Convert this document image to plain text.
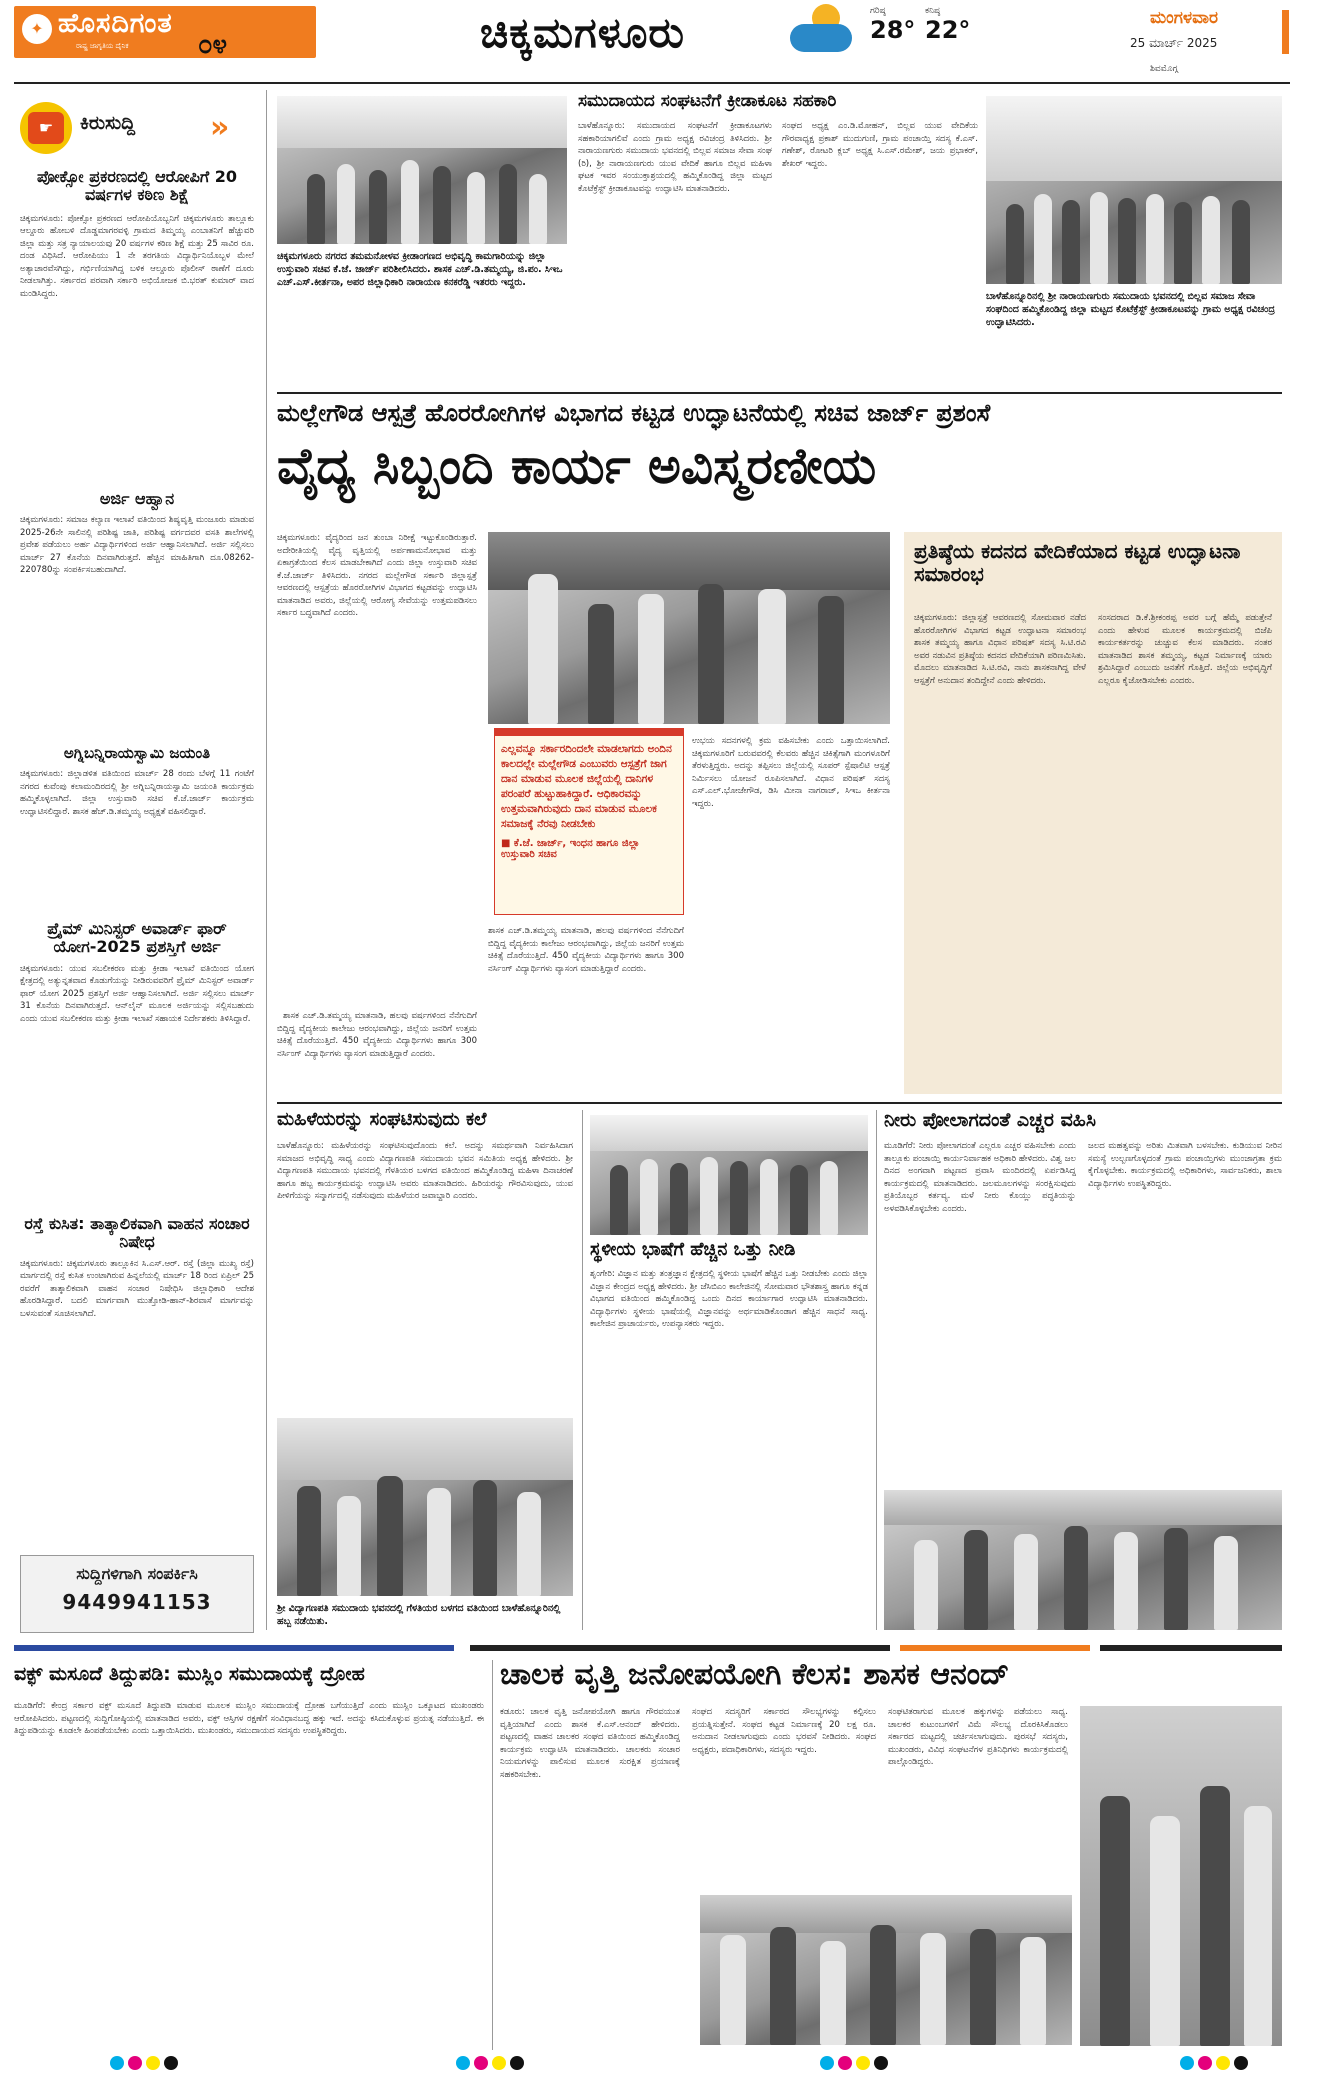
✦ ಹೊಸದಿಗಂತ
ರಾಷ್ಟ್ರ ಜಾಗೃತಿಯ ದೈನಿಕ	೦೪	ಚಿಕ್ಕಮಗಳೂರು	ಗರಿಷ್ಠ
28°
ಕನಿಷ್ಠ
22°	ಮಂಗಳವಾರ
25 ಮಾರ್ಚ್ 2025
ಶಿವಮೊಗ್ಗ
☛	ಕಿರುಸುದ್ದಿ »
ಪೋಕ್ಸೋ ಪ್ರಕರಣದಲ್ಲಿ ಆರೋಪಿಗೆ 20 ವರ್ಷಗಳ ಕಠಿಣ ಶಿಕ್ಷೆ
ಚಿಕ್ಕಮಗಳೂರು: ಪೋಕ್ಸೋ ಪ್ರಕರಣದ ಆರೋಪಿಯೊಬ್ಬನಿಗೆ ಚಿಕ್ಕಮಗಳೂರು ತಾಲ್ಲೂಕು ಆಲ್ದೂರು ಹೋಬಳಿ ದೊಡ್ಡಮಾಗರವಳ್ಳಿ ಗ್ರಾಮದ ತಿಮ್ಮಯ್ಯ ಎಂಬಾತನಿಗೆ ಹೆಚ್ಚುವರಿ ಜಿಲ್ಲಾ ಮತ್ತು ಸತ್ರ ನ್ಯಾಯಾಲಯವು 20 ವರ್ಷಗಳ ಕಠಿಣ ಶಿಕ್ಷೆ ಮತ್ತು 25 ಸಾವಿರ ರೂ. ದಂಡ ವಿಧಿಸಿದೆ. ಆರೋಪಿಯು 1 ನೇ ತರಗತಿಯ ವಿದ್ಯಾರ್ಥಿನಿಯೊಬ್ಬಳ ಮೇಲೆ ಅತ್ಯಾಚಾರವೆಸಗಿದ್ದು, ಗರ್ಭಿಣಿಯಾಗಿದ್ದ ಬಳಿಕ ಆಲ್ದೂರು ಪೊಲೀಸ್ ಠಾಣೆಗೆ ದೂರು ನೀಡಲಾಗಿತ್ತು. ಸರ್ಕಾರದ ಪರವಾಗಿ ಸರ್ಕಾರಿ ಅಭಿಯೋಜಕ ಬಿ.ಭರತ್ ಕುಮಾರ್ ವಾದ ಮಂಡಿಸಿದ್ದರು.
ಅರ್ಜಿ ಆಹ್ವಾನ
ಚಿಕ್ಕಮಗಳೂರು: ಸಮಾಜ ಕಲ್ಯಾಣ ಇಲಾಖೆ ವತಿಯಿಂದ ಶಿಷ್ಯವೃತ್ತಿ ಮಂಜೂರು ಮಾಡುವ 2025-26ನೇ ಸಾಲಿನಲ್ಲಿ ಪರಿಶಿಷ್ಟ ಜಾತಿ, ಪರಿಶಿಷ್ಟ ವರ್ಗದವರ ವಸತಿ ಶಾಲೆಗಳಲ್ಲಿ ಪ್ರವೇಶ ಪಡೆಯಲು ಅರ್ಹ ವಿದ್ಯಾರ್ಥಿಗಳಿಂದ ಅರ್ಜಿ ಆಹ್ವಾನಿಸಲಾಗಿದೆ. ಅರ್ಜಿ ಸಲ್ಲಿಸಲು ಮಾರ್ಚ್ 27 ಕೊನೆಯ ದಿನವಾಗಿರುತ್ತದೆ. ಹೆಚ್ಚಿನ ಮಾಹಿತಿಗಾಗಿ ದೂ.08262-220780ನ್ನು ಸಂಪರ್ಕಿಸಬಹುದಾಗಿದೆ.
ಅಗ್ನಿಬನ್ನಿರಾಯಸ್ವಾಮಿ ಜಯಂತಿ
ಚಿಕ್ಕಮಗಳೂರು: ಜಿಲ್ಲಾಡಳಿತ ವತಿಯಿಂದ ಮಾರ್ಚ್ 28 ರಂದು ಬೆಳಗ್ಗೆ 11 ಗಂಟೆಗೆ ನಗರದ ಕುವೆಂಪು ಕಲಾಮಂದಿರದಲ್ಲಿ ಶ್ರೀ ಅಗ್ನಿಬನ್ನಿರಾಯಸ್ವಾಮಿ ಜಯಂತಿ ಕಾರ್ಯಕ್ರಮ ಹಮ್ಮಿಕೊಳ್ಳಲಾಗಿದೆ. ಜಿಲ್ಲಾ ಉಸ್ತುವಾರಿ ಸಚಿವ ಕೆ.ಜೆ.ಜಾರ್ಜ್ ಕಾರ್ಯಕ್ರಮ ಉದ್ಘಾಟಿಸಲಿದ್ದಾರೆ. ಶಾಸಕ ಹೆಚ್.ಡಿ.ತಮ್ಮಯ್ಯ ಅಧ್ಯಕ್ಷತೆ ವಹಿಸಲಿದ್ದಾರೆ.
ಪ್ರೈಮ್ ಮಿನಿಸ್ಟರ್ ಅವಾರ್ಡ್ ಫಾರ್ ಯೋಗ-2025 ಪ್ರಶಸ್ತಿಗೆ ಅರ್ಜಿ
ಚಿಕ್ಕಮಗಳೂರು: ಯುವ ಸಬಲೀಕರಣ ಮತ್ತು ಕ್ರೀಡಾ ಇಲಾಖೆ ವತಿಯಿಂದ ಯೋಗ ಕ್ಷೇತ್ರದಲ್ಲಿ ಅತ್ಯುನ್ನತವಾದ ಕೊಡುಗೆಯನ್ನು ನೀಡಿರುವವರಿಗೆ ಪ್ರೈಮ್ ಮಿನಿಸ್ಟರ್ ಅವಾರ್ಡ್ ಫಾರ್ ಯೋಗ 2025 ಪ್ರಶಸ್ತಿಗೆ ಅರ್ಜಿ ಆಹ್ವಾನಿಸಲಾಗಿದೆ. ಅರ್ಜಿ ಸಲ್ಲಿಸಲು ಮಾರ್ಚ್ 31 ಕೊನೆಯ ದಿನವಾಗಿರುತ್ತದೆ. ಆನ್‌ಲೈನ್ ಮೂಲಕ ಅರ್ಜಿಯನ್ನು ಸಲ್ಲಿಸಬಹುದು ಎಂದು ಯುವ ಸಬಲೀಕರಣ ಮತ್ತು ಕ್ರೀಡಾ ಇಲಾಖೆ ಸಹಾಯಕ ನಿರ್ದೇಶಕರು ತಿಳಿಸಿದ್ದಾರೆ.
ರಸ್ತೆ ಕುಸಿತ: ತಾತ್ಕಾಲಿಕವಾಗಿ ವಾಹನ ಸಂಚಾರ ನಿಷೇಧ
ಚಿಕ್ಕಮಗಳೂರು: ಚಿಕ್ಕಮಗಳೂರು ತಾಲ್ಲೂಕಿನ ಸಿ.ಎಸ್.ಆರ್. ರಸ್ತೆ (ಜಿಲ್ಲಾ ಮುಖ್ಯ ರಸ್ತೆ) ಮಾರ್ಗದಲ್ಲಿ ರಸ್ತೆ ಕುಸಿತ ಉಂಟಾಗಿರುವ ಹಿನ್ನಲೆಯಲ್ಲಿ ಮಾರ್ಚ್ 18 ರಿಂದ ಏಪ್ರಿಲ್ 25 ರವರೆಗೆ ತಾತ್ಕಾಲಿಕವಾಗಿ ವಾಹನ ಸಂಚಾರ ನಿಷೇಧಿಸಿ ಜಿಲ್ಲಾಧಿಕಾರಿ ಆದೇಶ ಹೊರಡಿಸಿದ್ದಾರೆ. ಬದಲಿ ಮಾರ್ಗವಾಗಿ ಮುತ್ತೋಡಿ-ಹಾನ್-ಶಿರವಾಸೆ ಮಾರ್ಗವನ್ನು ಬಳಸುವಂತೆ ಸೂಚಿಸಲಾಗಿದೆ.
ಸುದ್ದಿಗಳಿಗಾಗಿ ಸಂಪರ್ಕಿಸಿ
9449941153
ಚಿಕ್ಕಮಗಳೂರು ನಗರದ ತಮಮನೋಳವ ಕ್ರೀಡಾಂಗಣದ ಅಭಿವೃದ್ಧಿ ಕಾಮಗಾರಿಯನ್ನು ಜಿಲ್ಲಾ ಉಸ್ತುವಾರಿ ಸಚಿವ ಕೆ.ಜೆ. ಜಾರ್ಜ್ ಪರಿಶೀಲಿಸಿದರು. ಶಾಸಕ ಎಚ್.ಡಿ.ತಮ್ಮಯ್ಯ, ಜಿ.ಪಂ. ಸಿಇಒ ಎಚ್.ಎಸ್.ಕೀರ್ತನಾ, ಅಪರ ಜಿಲ್ಲಾಧಿಕಾರಿ ನಾರಾಯಣ ಕನಕರೆಡ್ಡಿ ಇತರರು ಇದ್ದರು.
ಸಮುದಾಯದ ಸಂಘಟನೆಗೆ ಕ್ರೀಡಾಕೂಟ ಸಹಕಾರಿ
ಬಾಳೆಹೊನ್ನೂರು: ಸಮುದಾಯದ ಸಂಘಟನೆಗೆ ಕ್ರೀಡಾಕೂಟಗಳು ಸಹಕಾರಿಯಾಗಲಿವೆ ಎಂದು ಗ್ರಾಮ ಅಧ್ಯಕ್ಷ ರವಿಚಂದ್ರ ತಿಳಿಸಿದರು. ಶ್ರೀ ನಾರಾಯಣಗುರು ಸಮುದಾಯ ಭವನದಲ್ಲಿ ಬಿಲ್ಲವ ಸಮಾಜ ಸೇವಾ ಸಂಘ (ರಿ), ಶ್ರೀ ನಾರಾಯಣಗುರು ಯುವ ವೇದಿಕೆ ಹಾಗೂ ಬಿಲ್ಲವ ಮಹಿಳಾ ಘಟಕ ಇವರ ಸಂಯುಕ್ತಾಶ್ರಯದಲ್ಲಿ ಹಮ್ಮಿಕೊಂಡಿದ್ದ ಜಿಲ್ಲಾ ಮಟ್ಟದ ಕೊಟೆಕ್ರೆಸ್ಟ್ ಕ್ರೀಡಾಕೂಟವನ್ನು ಉದ್ಘಾಟಿಸಿ ಮಾತನಾಡಿದರು.
ಸಂಘದ ಅಧ್ಯಕ್ಷ ಎಂ.ಡಿ.ಮೋಹನ್, ಬಿಲ್ಲವ ಯುವ ವೇದಿಕೆಯ ಗೌರವಾಧ್ಯಕ್ಷ ಪ್ರಕಾಶ್ ಮುದುಗುಣಿ, ಗ್ರಾಮ ಪಂಚಾಯ್ತಿ ಸದಸ್ಯ ಕೆ.ಎಸ್. ಗಣೇಶ್, ರೋಟರಿ ಕ್ಲಬ್ ಅಧ್ಯಕ್ಷ ಸಿ.ಎಸ್.ರಮೇಶ್, ಜಯ ಪ್ರಭಾಕರ್, ಶೇಖರ್ ಇದ್ದರು.
ಬಾಳೆಹೊನ್ನೂರಿನಲ್ಲಿ ಶ್ರೀ ನಾರಾಯಣಗುರು ಸಮುದಾಯ ಭವನದಲ್ಲಿ ಬಿಲ್ಲವ ಸಮಾಜ ಸೇವಾ ಸಂಘದಿಂದ ಹಮ್ಮಿಕೊಂಡಿದ್ದ ಜಿಲ್ಲಾ ಮಟ್ಟದ ಕೊಟೆಕ್ರೆಸ್ಟ್ ಕ್ರೀಡಾಕೂಟವನ್ನು ಗ್ರಾಮ ಅಧ್ಯಕ್ಷ ರವಿಚಂದ್ರ ಉದ್ಘಾಟಿಸಿದರು.
ಮಲ್ಲೇಗೌಡ ಆಸ್ಪತ್ರೆ ಹೊರರೋಗಿಗಳ ವಿಭಾಗದ ಕಟ್ಟಡ ಉದ್ಘಾಟನೆಯಲ್ಲಿ ಸಚಿವ ಜಾರ್ಜ್ ಪ್ರಶಂಸೆ
ವೈದ್ಯ ಸಿಬ್ಬಂದಿ ಕಾರ್ಯ ಅವಿಸ್ಮರಣೀಯ
ಚಿಕ್ಕಮಗಳೂರು: ವೈದ್ಯರಿಂದ ಜನ ತುಂಬಾ ನಿರೀಕ್ಷೆ ಇಟ್ಟುಕೊಂಡಿರುತ್ತಾರೆ. ಅದೇರೀತಿಯಲ್ಲಿ ವೈದ್ಯ ವೃತ್ತಿಯಲ್ಲಿ ಅರ್ಪಣಾಮನೋಭಾವ ಮತ್ತು ಏಕಾಗ್ರತೆಯಿಂದ ಕೆಲಸ ಮಾಡಬೇಕಾಗಿದೆ ಎಂದು ಜಿಲ್ಲಾ ಉಸ್ತುವಾರಿ ಸಚಿವ ಕೆ.ಜೆ.ಜಾರ್ಜ್ ತಿಳಿಸಿದರು. ನಗರದ ಮಲ್ಲೇಗೌಡ ಸರ್ಕಾರಿ ಜಿಲ್ಲಾಸ್ಪತ್ರೆ ಆವರಣದಲ್ಲಿ ಆಸ್ಪತ್ರೆಯ ಹೊರರೋಗಿಗಳ ವಿಭಾಗದ ಕಟ್ಟಡವನ್ನು ಉದ್ಘಾಟಿಸಿ ಮಾತನಾಡಿದ ಅವರು, ಜಿಲ್ಲೆಯಲ್ಲಿ ಆರೋಗ್ಯ ಸೇವೆಯನ್ನು ಉತ್ತಮಪಡಿಸಲು ಸರ್ಕಾರ ಬದ್ಧವಾಗಿದೆ ಎಂದರು.
ಎಲ್ಲವನ್ನೂ ಸರ್ಕಾರದಿಂದಲೇ ಮಾಡಲಾಗದು ಅಂದಿನ ಕಾಲದಲ್ಲೇ ಮಲ್ಲೇಗೌಡ ಎಂಬುವರು ಆಸ್ಪತ್ರೆಗೆ ಜಾಗ ದಾನ ಮಾಡುವ ಮೂಲಕ ಜಿಲ್ಲೆಯಲ್ಲಿ ದಾನಿಗಳ ಪರಂಪರೆ ಹುಟ್ಟುಹಾಕಿದ್ದಾರೆ. ಆಧಿಕಾರವನ್ನು ಉತ್ತಮವಾಗಿರುವುದು ದಾನ ಮಾಡುವ ಮೂಲಕ ಸಮಾಜಕ್ಕೆ ನೆರವು ನೀಡಬೇಕು
■ ಕೆ.ಜೆ. ಜಾರ್ಜ್, ಇಂಧನ ಹಾಗೂ ಜಿಲ್ಲಾ ಉಸ್ತುವಾರಿ ಸಚಿವ

ಶಾಸಕ ಎಚ್.ಡಿ.ತಮ್ಮಯ್ಯ ಮಾತನಾಡಿ, ಹಲವು ವರ್ಷಗಳಿಂದ ನೆನೆಗುದಿಗೆ ಬಿದ್ದಿದ್ದ ವೈದ್ಯಕೀಯ ಕಾಲೇಜು ಆರಂಭವಾಗಿದ್ದು, ಜಿಲ್ಲೆಯ ಜನರಿಗೆ ಉತ್ತಮ ಚಿಕಿತ್ಸೆ ದೊರೆಯುತ್ತಿದೆ. 450 ವೈದ್ಯಕೀಯ ವಿದ್ಯಾರ್ಥಿಗಳು ಹಾಗೂ 300 ನರ್ಸಿಂಗ್ ವಿದ್ಯಾರ್ಥಿಗಳು ವ್ಯಾಸಂಗ ಮಾಡುತ್ತಿದ್ದಾರೆ ಎಂದರು.

ಉಭಯ ಸದನಗಳಲ್ಲಿ ಕ್ರಮ ವಹಿಸಬೇಕು ಎಂದು ಒತ್ತಾಯಿಸಲಾಗಿದೆ. ಚಿಕ್ಕಮಗಳೂರಿಗೆ ಬರುವವರಲ್ಲಿ ಕೆಲವರು ಹೆಚ್ಚಿನ ಚಿಕಿತ್ಸೆಗಾಗಿ ಮಂಗಳೂರಿಗೆ ತೆರಳುತ್ತಿದ್ದರು. ಅದನ್ನು ತಪ್ಪಿಸಲು ಜಿಲ್ಲೆಯಲ್ಲಿ ಸೂಪರ್ ಸ್ಪೆಷಾಲಿಟಿ ಆಸ್ಪತ್ರೆ ನಿರ್ಮಿಸಲು ಯೋಜನೆ ರೂಪಿಸಲಾಗಿದೆ. ವಿಧಾನ ಪರಿಷತ್ ಸದಸ್ಯ ಎಸ್.ಎಲ್.ಭೋಜೇಗೌಡ, ಡಿಸಿ ಮೀನಾ ನಾಗರಾಜ್, ಸಿಇಒ ಕೀರ್ತನಾ ಇದ್ದರು.
ಶಾಸಕ ಎಚ್.ಡಿ.ತಮ್ಮಯ್ಯ ಮಾತನಾಡಿ, ಹಲವು ವರ್ಷಗಳಿಂದ ನೆನೆಗುದಿಗೆ ಬಿದ್ದಿದ್ದ ವೈದ್ಯಕೀಯ ಕಾಲೇಜು ಆರಂಭವಾಗಿದ್ದು, ಜಿಲ್ಲೆಯ ಜನರಿಗೆ ಉತ್ತಮ ಚಿಕಿತ್ಸೆ ದೊರೆಯುತ್ತಿದೆ. 450 ವೈದ್ಯಕೀಯ ವಿದ್ಯಾರ್ಥಿಗಳು ಹಾಗೂ 300 ನರ್ಸಿಂಗ್ ವಿದ್ಯಾರ್ಥಿಗಳು ವ್ಯಾಸಂಗ ಮಾಡುತ್ತಿದ್ದಾರೆ ಎಂದರು.
ಪ್ರತಿಷ್ಠೆಯ ಕದನದ ವೇದಿಕೆಯಾದ ಕಟ್ಟಡ ಉದ್ಘಾಟನಾ ಸಮಾರಂಭ
ಚಿಕ್ಕಮಗಳೂರು: ಜಿಲ್ಲಾಸ್ಪತ್ರೆ ಆವರಣದಲ್ಲಿ ಸೋಮವಾರ ನಡೆದ ಹೊರರೋಗಿಗಳ ವಿಭಾಗದ ಕಟ್ಟಡ ಉದ್ಘಾಟನಾ ಸಮಾರಂಭ ಶಾಸಕ ತಮ್ಮಯ್ಯ ಹಾಗೂ ವಿಧಾನ ಪರಿಷತ್ ಸದಸ್ಯ ಸಿ.ಟಿ.ರವಿ ಅವರ ನಡುವಿನ ಪ್ರತಿಷ್ಠೆಯ ಕದನದ ವೇದಿಕೆಯಾಗಿ ಪರಿಣಮಿಸಿತು. ಮೊದಲು ಮಾತನಾಡಿದ ಸಿ.ಟಿ.ರವಿ, ನಾನು ಶಾಸಕನಾಗಿದ್ದ ವೇಳೆ ಆಸ್ಪತ್ರೆಗೆ ಅನುದಾನ ತಂದಿದ್ದೇನೆ ಎಂದು ಹೇಳಿದರು.
ಸಂಸದರಾದ ಡಿ.ಕೆ.ಶ್ರೀಕಂಠಪ್ಪ ಅವರ ಬಗ್ಗೆ ಹೆಮ್ಮೆ ಪಡುತ್ತೇನೆ ಎಂದು ಹೇಳುವ ಮೂಲಕ ಕಾರ್ಯಕ್ರಮದಲ್ಲಿ ಬಿಜೆಪಿ ಕಾರ್ಯಕರ್ತರನ್ನು ಚುಚ್ಚುವ ಕೆಲಸ ಮಾಡಿದರು. ನಂತರ ಮಾತನಾಡಿದ ಶಾಸಕ ತಮ್ಮಯ್ಯ, ಕಟ್ಟಡ ನಿರ್ಮಾಣಕ್ಕೆ ಯಾರು ಶ್ರಮಿಸಿದ್ದಾರೆ ಎಂಬುದು ಜನತೆಗೆ ಗೊತ್ತಿದೆ. ಜಿಲ್ಲೆಯ ಅಭಿವೃದ್ಧಿಗೆ ಎಲ್ಲರೂ ಕೈಜೋಡಿಸಬೇಕು ಎಂದರು.
ಮಹಿಳೆಯರನ್ನು ಸಂಘಟಿಸುವುದು ಕಲೆ
ಬಾಳೆಹೊನ್ನೂರು: ಮಹಿಳೆಯರನ್ನು ಸಂಘಟಿಸುವುದೊಂದು ಕಲೆ. ಅದನ್ನು ಸಮರ್ಥವಾಗಿ ನಿರ್ವಹಿಸಿದಾಗ ಸಮಾಜದ ಅಭಿವೃದ್ಧಿ ಸಾಧ್ಯ ಎಂದು ವಿದ್ಯಾಗಣಪತಿ ಸಮುದಾಯ ಭವನ ಸಮಿತಿಯ ಅಧ್ಯಕ್ಷ ಹೇಳಿದರು. ಶ್ರೀ ವಿದ್ಯಾಗಣಪತಿ ಸಮುದಾಯ ಭವನದಲ್ಲಿ ಗೆಳತಿಯರ ಬಳಗದ ವತಿಯಿಂದ ಹಮ್ಮಿಕೊಂಡಿದ್ದ ಮಹಿಳಾ ದಿನಾಚರಣೆ ಹಾಗೂ ಹಬ್ಬ ಕಾರ್ಯಕ್ರಮವನ್ನು ಉದ್ಘಾಟಿಸಿ ಅವರು ಮಾತನಾಡಿದರು. ಹಿರಿಯರನ್ನು ಗೌರವಿಸುವುದು, ಯುವ ಪೀಳಿಗೆಯನ್ನು ಸನ್ಮಾರ್ಗದಲ್ಲಿ ನಡೆಸುವುದು ಮಹಿಳೆಯರ ಜವಾಬ್ದಾರಿ ಎಂದರು.
ಶ್ರೀ ವಿದ್ಯಾಗಣಪತಿ ಸಮುದಾಯ ಭವನದಲ್ಲಿ ಗೆಳತಿಯರ ಬಳಗದ ವತಿಯಿಂದ ಬಾಳೆಹೊನ್ನೂರಿನಲ್ಲಿ ಹಬ್ಬ ನಡೆಯಿತು.
ಸ್ಥಳೀಯ ಭಾಷೆಗೆ ಹೆಚ್ಚಿನ ಒತ್ತು ನೀಡಿ
ಶೃಂಗೇರಿ: ವಿಜ್ಞಾನ ಮತ್ತು ತಂತ್ರಜ್ಞಾನ ಕ್ಷೇತ್ರದಲ್ಲಿ ಸ್ಥಳೀಯ ಭಾಷೆಗೆ ಹೆಚ್ಚಿನ ಒತ್ತು ನೀಡಬೇಕು ಎಂದು ಜಿಲ್ಲಾ ವಿಜ್ಞಾನ ಕೇಂದ್ರದ ಅಧ್ಯಕ್ಷ ಹೇಳಿದರು. ಶ್ರೀ ಜೆಸಿಬಿಎಂ ಕಾಲೇಜಿನಲ್ಲಿ ಸೋಮವಾರ ಭೌತಶಾಸ್ತ್ರ ಹಾಗೂ ಕನ್ನಡ ವಿಭಾಗದ ವತಿಯಿಂದ ಹಮ್ಮಿಕೊಂಡಿದ್ದ ಒಂದು ದಿನದ ಕಾರ್ಯಾಗಾರ ಉದ್ಘಾಟಿಸಿ ಮಾತನಾಡಿದರು. ವಿದ್ಯಾರ್ಥಿಗಳು ಸ್ಥಳೀಯ ಭಾಷೆಯಲ್ಲಿ ವಿಜ್ಞಾನವನ್ನು ಅರ್ಥಮಾಡಿಕೊಂಡಾಗ ಹೆಚ್ಚಿನ ಸಾಧನೆ ಸಾಧ್ಯ. ಕಾಲೇಜಿನ ಪ್ರಾಚಾರ್ಯರು, ಉಪನ್ಯಾಸಕರು ಇದ್ದರು.
ನೀರು ಪೋಲಾಗದಂತೆ ಎಚ್ಚರ ವಹಿಸಿ
ಮೂಡಿಗೆರೆ: ನೀರು ಪೋಲಾಗದಂತೆ ಎಲ್ಲರೂ ಎಚ್ಚರ ವಹಿಸಬೇಕು ಎಂದು ತಾಲ್ಲೂಕು ಪಂಚಾಯ್ತಿ ಕಾರ್ಯನಿರ್ವಾಹಕ ಅಧಿಕಾರಿ ಹೇಳಿದರು. ವಿಶ್ವ ಜಲ ದಿನದ ಅಂಗವಾಗಿ ಪಟ್ಟಣದ ಪ್ರವಾಸಿ ಮಂದಿರದಲ್ಲಿ ಏರ್ಪಡಿಸಿದ್ದ ಕಾರ್ಯಕ್ರಮದಲ್ಲಿ ಮಾತನಾಡಿದರು. ಜಲಮೂಲಗಳನ್ನು ಸಂರಕ್ಷಿಸುವುದು ಪ್ರತಿಯೊಬ್ಬರ ಕರ್ತವ್ಯ. ಮಳೆ ನೀರು ಕೊಯ್ಲು ಪದ್ಧತಿಯನ್ನು ಅಳವಡಿಸಿಕೊಳ್ಳಬೇಕು ಎಂದರು.
ಜಲದ ಮಹತ್ವವನ್ನು ಅರಿತು ಮಿತವಾಗಿ ಬಳಸಬೇಕು. ಕುಡಿಯುವ ನೀರಿನ ಸಮಸ್ಯೆ ಉಲ್ಬಣಗೊಳ್ಳದಂತೆ ಗ್ರಾಮ ಪಂಚಾಯ್ತಿಗಳು ಮುಂಜಾಗ್ರತಾ ಕ್ರಮ ಕೈಗೊಳ್ಳಬೇಕು. ಕಾರ್ಯಕ್ರಮದಲ್ಲಿ ಅಧಿಕಾರಿಗಳು, ಸಾರ್ವಜನಿಕರು, ಶಾಲಾ ವಿದ್ಯಾರ್ಥಿಗಳು ಉಪಸ್ಥಿತರಿದ್ದರು.
ವಕ್ಫ್ ಮಸೂದೆ ತಿದ್ದುಪಡಿ: ಮುಸ್ಲಿಂ ಸಮುದಾಯಕ್ಕೆ ದ್ರೋಹ
ಮೂಡಿಗೆರೆ: ಕೇಂದ್ರ ಸರ್ಕಾರ ವಕ್ಫ್ ಮಸೂದೆ ತಿದ್ದುಪಡಿ ಮಾಡುವ ಮೂಲಕ ಮುಸ್ಲಿಂ ಸಮುದಾಯಕ್ಕೆ ದ್ರೋಹ ಬಗೆಯುತ್ತಿದೆ ಎಂದು ಮುಸ್ಲಿಂ ಒಕ್ಕೂಟದ ಮುಖಂಡರು ಆರೋಪಿಸಿದರು. ಪಟ್ಟಣದಲ್ಲಿ ಸುದ್ದಿಗೋಷ್ಠಿಯಲ್ಲಿ ಮಾತನಾಡಿದ ಅವರು, ವಕ್ಫ್ ಆಸ್ತಿಗಳ ರಕ್ಷಣೆಗೆ ಸಂವಿಧಾನಬದ್ಧ ಹಕ್ಕು ಇದೆ. ಅದನ್ನು ಕಸಿದುಕೊಳ್ಳುವ ಪ್ರಯತ್ನ ನಡೆಯುತ್ತಿದೆ. ಈ ತಿದ್ದುಪಡಿಯನ್ನು ಕೂಡಲೇ ಹಿಂಪಡೆಯಬೇಕು ಎಂದು ಒತ್ತಾಯಿಸಿದರು. ಮುಖಂಡರು, ಸಮುದಾಯದ ಸದಸ್ಯರು ಉಪಸ್ಥಿತರಿದ್ದರು.
ಚಾಲಕ ವೃತ್ತಿ ಜನೋಪಯೋಗಿ ಕೆಲಸ: ಶಾಸಕ ಆನಂದ್
ಕಡೂರು: ಚಾಲಕ ವೃತ್ತಿ ಜನೋಪಯೋಗಿ ಹಾಗೂ ಗೌರವಯುತ ವೃತ್ತಿಯಾಗಿದೆ ಎಂದು ಶಾಸಕ ಕೆ.ಎಸ್.ಆನಂದ್ ಹೇಳಿದರು. ಪಟ್ಟಣದಲ್ಲಿ ವಾಹನ ಚಾಲಕರ ಸಂಘದ ವತಿಯಿಂದ ಹಮ್ಮಿಕೊಂಡಿದ್ದ ಕಾರ್ಯಕ್ರಮ ಉದ್ಘಾಟಿಸಿ ಮಾತನಾಡಿದರು. ಚಾಲಕರು ಸಂಚಾರ ನಿಯಮಗಳನ್ನು ಪಾಲಿಸುವ ಮೂಲಕ ಸುರಕ್ಷಿತ ಪ್ರಯಾಣಕ್ಕೆ ಸಹಕರಿಸಬೇಕು.
ಸಂಘದ ಸದಸ್ಯರಿಗೆ ಸರ್ಕಾರದ ಸೌಲಭ್ಯಗಳನ್ನು ಕಲ್ಪಿಸಲು ಪ್ರಯತ್ನಿಸುತ್ತೇನೆ. ಸಂಘದ ಕಟ್ಟಡ ನಿರ್ಮಾಣಕ್ಕೆ 20 ಲಕ್ಷ ರೂ. ಅನುದಾನ ನೀಡಲಾಗುವುದು ಎಂದು ಭರವಸೆ ನೀಡಿದರು. ಸಂಘದ ಅಧ್ಯಕ್ಷರು, ಪದಾಧಿಕಾರಿಗಳು, ಸದಸ್ಯರು ಇದ್ದರು.
ಸಂಘಟಿತರಾಗುವ ಮೂಲಕ ಹಕ್ಕುಗಳನ್ನು ಪಡೆಯಲು ಸಾಧ್ಯ. ಚಾಲಕರ ಕುಟುಂಬಗಳಿಗೆ ವಿಮೆ ಸೌಲಭ್ಯ ದೊರಕಿಸಿಕೊಡಲು ಸರ್ಕಾರದ ಮಟ್ಟದಲ್ಲಿ ಚರ್ಚಿಸಲಾಗುವುದು. ಪುರಸಭೆ ಸದಸ್ಯರು, ಮುಖಂಡರು, ವಿವಿಧ ಸಂಘಟನೆಗಳ ಪ್ರತಿನಿಧಿಗಳು ಕಾರ್ಯಕ್ರಮದಲ್ಲಿ ಪಾಲ್ಗೊಂಡಿದ್ದರು.
